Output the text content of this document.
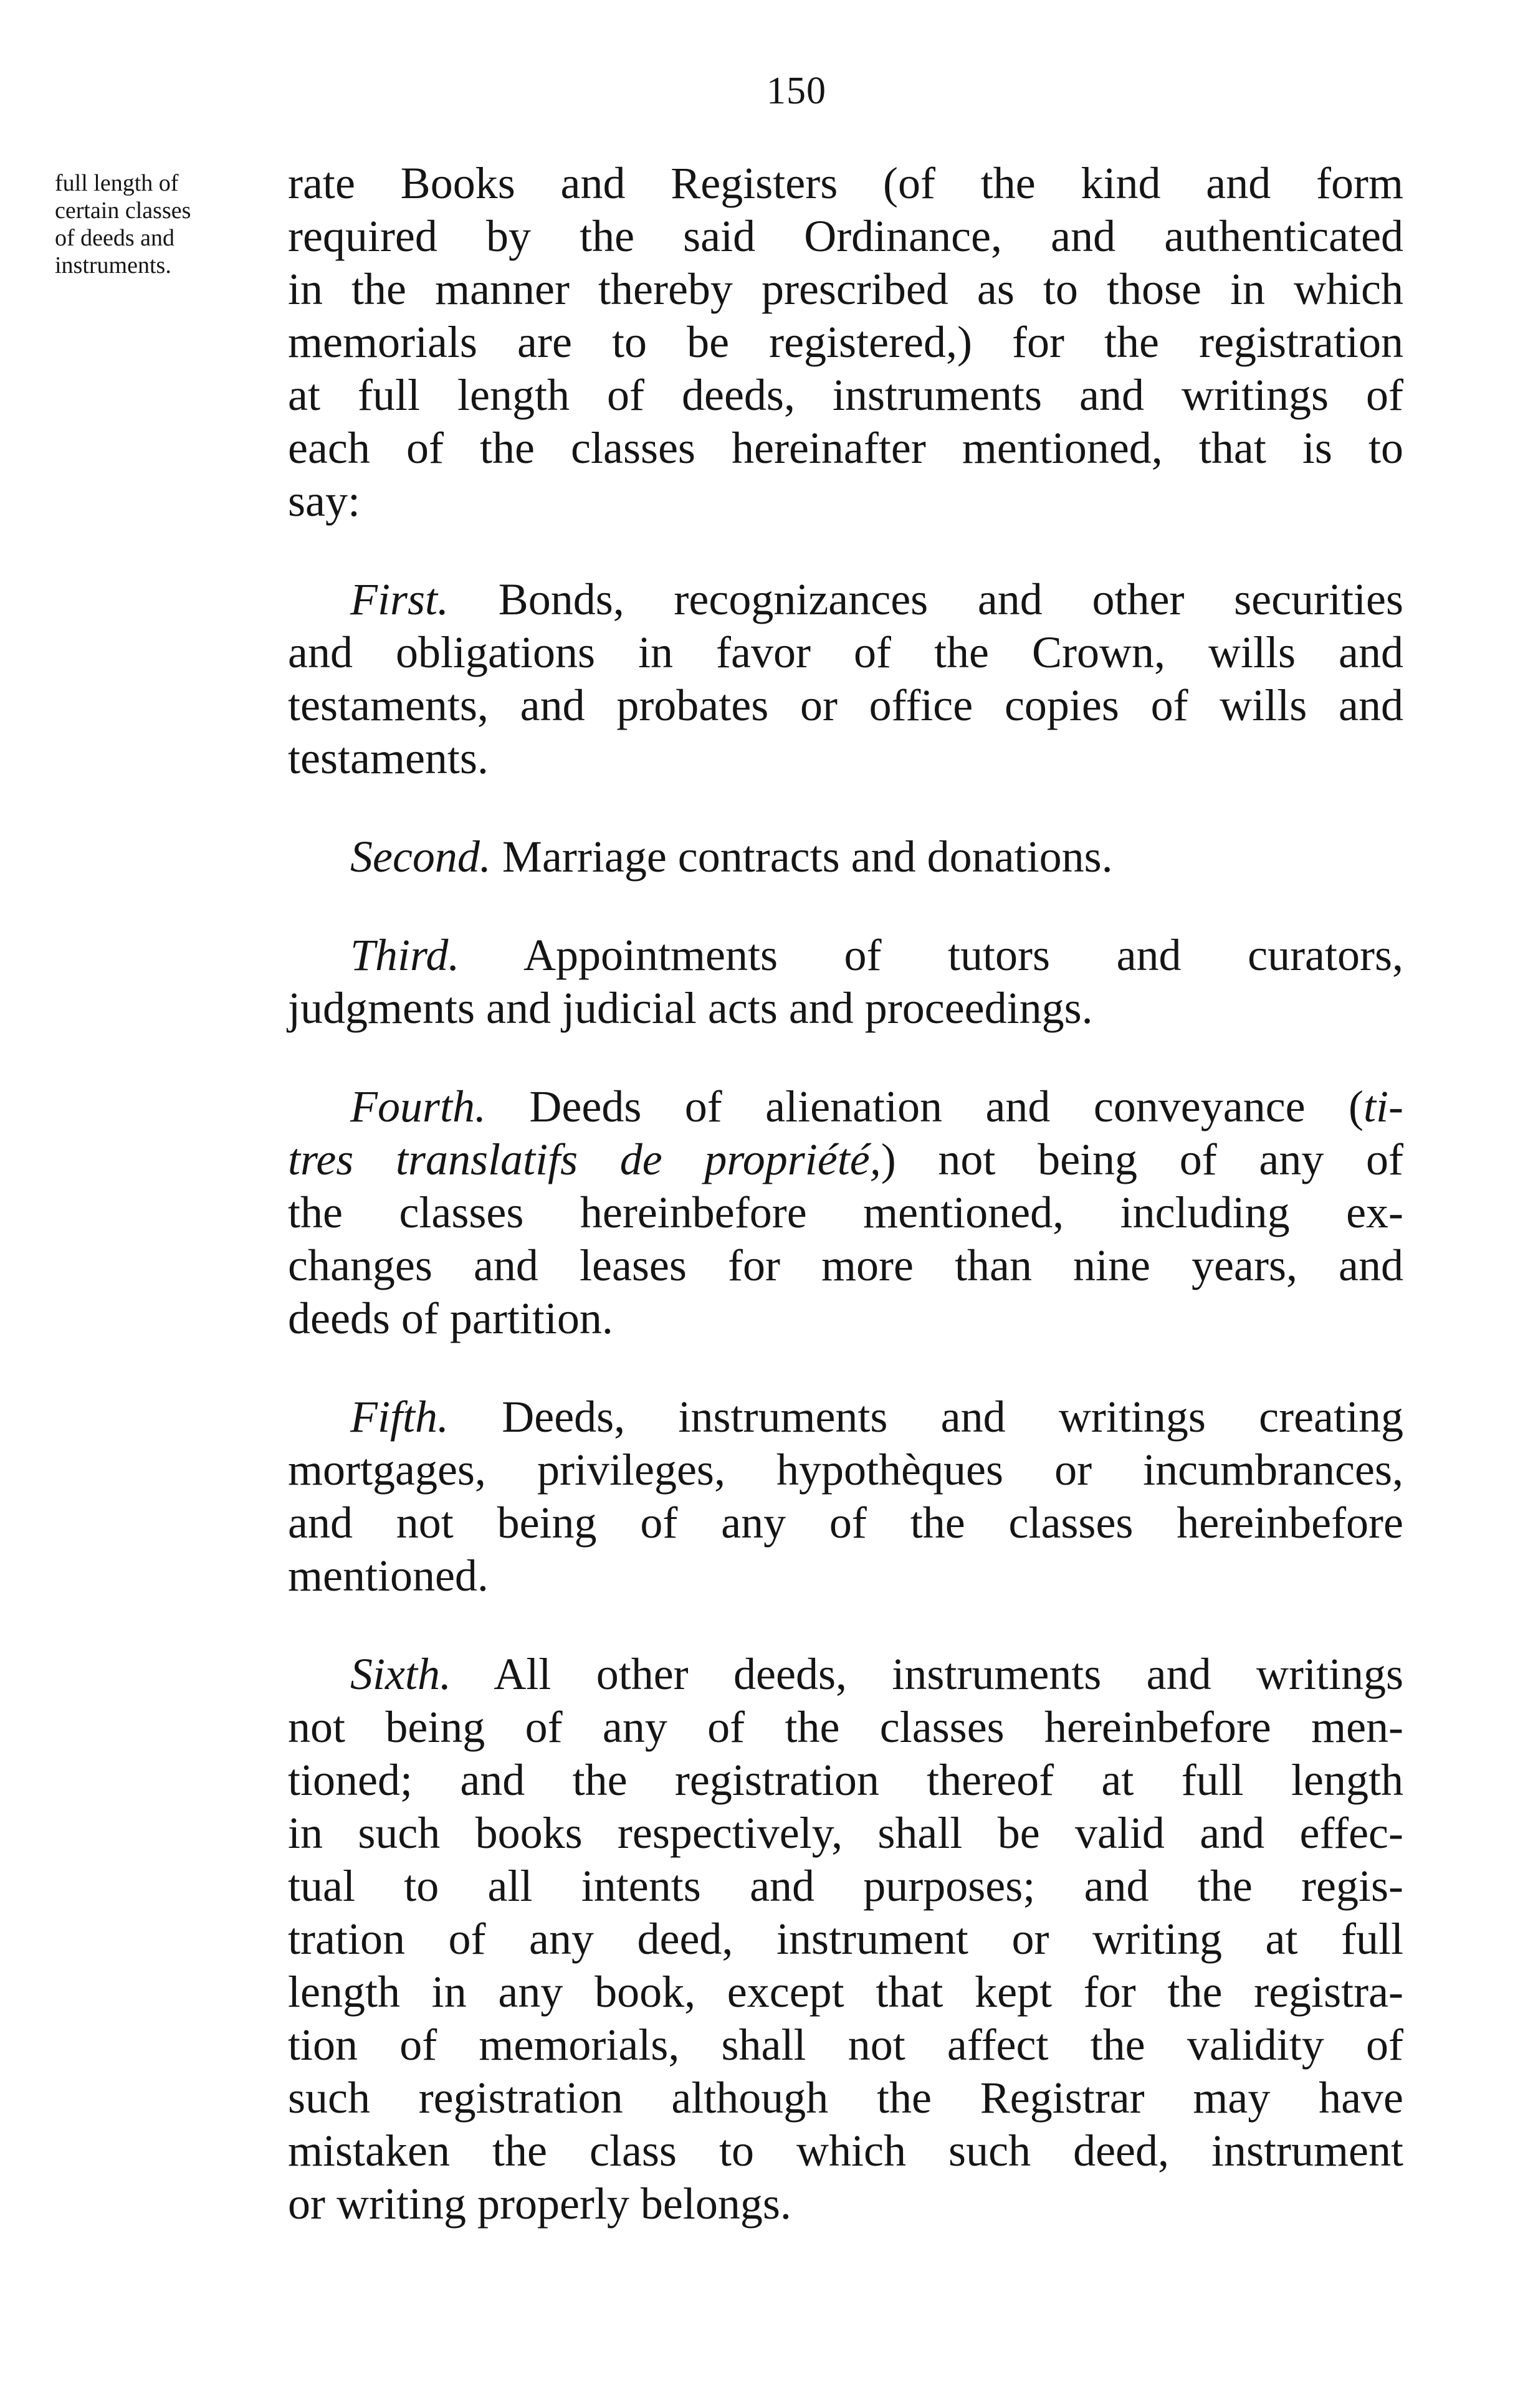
150
full length of
certain classes
of deeds and
instruments.
rate Books and Registers (of the kind and form
required by the said Ordinance, and authenticated
in the manner thereby prescribed as to those in which
memorials are to be registered,) for the registration
at full length of deeds, instruments and writings of
each of the classes hereinafter mentioned, that is to
say:
First. Bonds, recognizances and other securities
and obligations in favor of the Crown, wills and
testaments, and probates or office copies of wills and
testaments.
Second. Marriage contracts and donations.
Third. Appointments of tutors and curators,
judgments and judicial acts and proceedings.
Fourth. Deeds of alienation and conveyance (ti-
tres translatifs de propriété,) not being of any of
the classes hereinbefore mentioned, including ex-
changes and leases for more than nine years, and
deeds of partition.
Fifth. Deeds, instruments and writings creating
mortgages, privileges, hypothèques or incumbrances,
and not being of any of the classes hereinbefore
mentioned.
Sixth. All other deeds, instruments and writings
not being of any of the classes hereinbefore men-
tioned; and the registration thereof at full length
in such books respectively, shall be valid and effec-
tual to all intents and purposes; and the regis-
tration of any deed, instrument or writing at full
length in any book, except that kept for the registra-
tion of memorials, shall not affect the validity of
such registration although the Registrar may have
mistaken the class to which such deed, instrument
or writing properly belongs.
